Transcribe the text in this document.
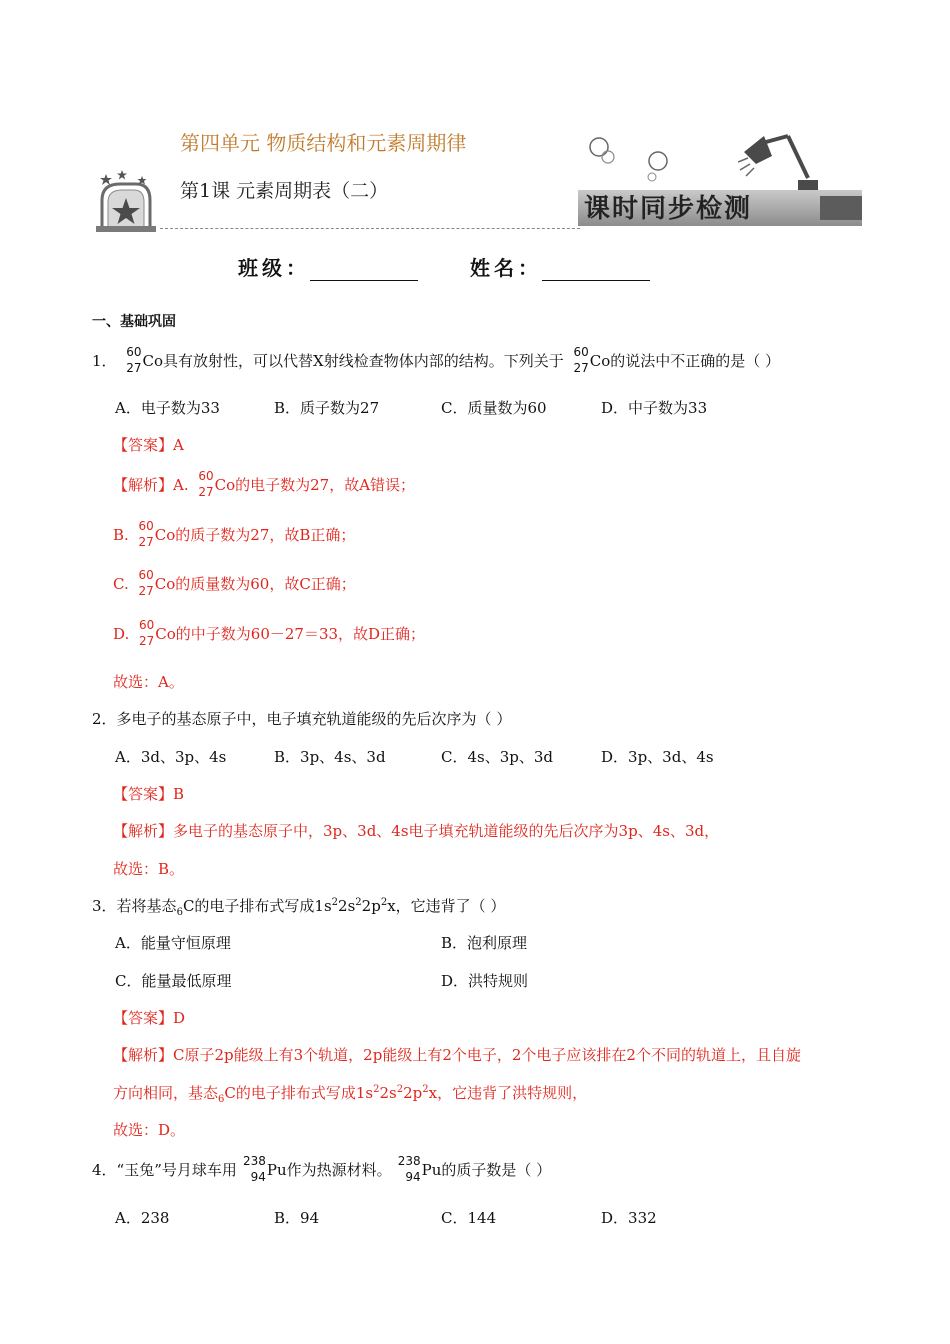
第四单元 物质结构和元素周期律
第1课 元素周期表（二）
课时同步检测
班级：	姓名：
一、基础巩固
1． 60
27 Co具有放射性，可以代替X射线检查物体内部的结构。下列关于 60
27 Co的说法中不正确的是（ ）
A．电子数为33	B．质子数为27	C．质量数为60	D．中子数为33
【答案】A
【解析】A. 60
27 Co的电子数为27，故A错误；
B. 60
27 Co的质子数为27，故B正确；
C. 60
27 Co的质量数为60，故C正确；
D. 60
27 Co的中子数为60－27＝33，故D正确；
故选：A。
2．多电子的基态原子中，电子填充轨道能级的先后次序为（ ）
A．3d、3p、4s	B．3p、4s、3d	C．4s、3p、3d	D．3p、3d、4s
【答案】B
【解析】多电子的基态原子中，3p、3d、4s电子填充轨道能级的先后次序为3p、4s、3d，
故选：B。
3．若将基态$_6$C的电子排布式写成$1s^22s^22p^2x$，它违背了（ ）
A．能量守恒原理	B．泡利原理
C．能量最低原理	D．洪特规则
【答案】D
【解析】C原子2p能级上有3个轨道，2p能级上有2个电子，2个电子应该排在2个不同的轨道上，且自旋
方向相同，基态$_6$C的电子排布式写成$1s^22s^22p^2x$，它违背了洪特规则，
故选：D。
4．“玉兔”号月球车用 238
94 Pu作为热源材料。 238
94 Pu的质子数是（ ）
A．238	B．94	C．144	D．332
